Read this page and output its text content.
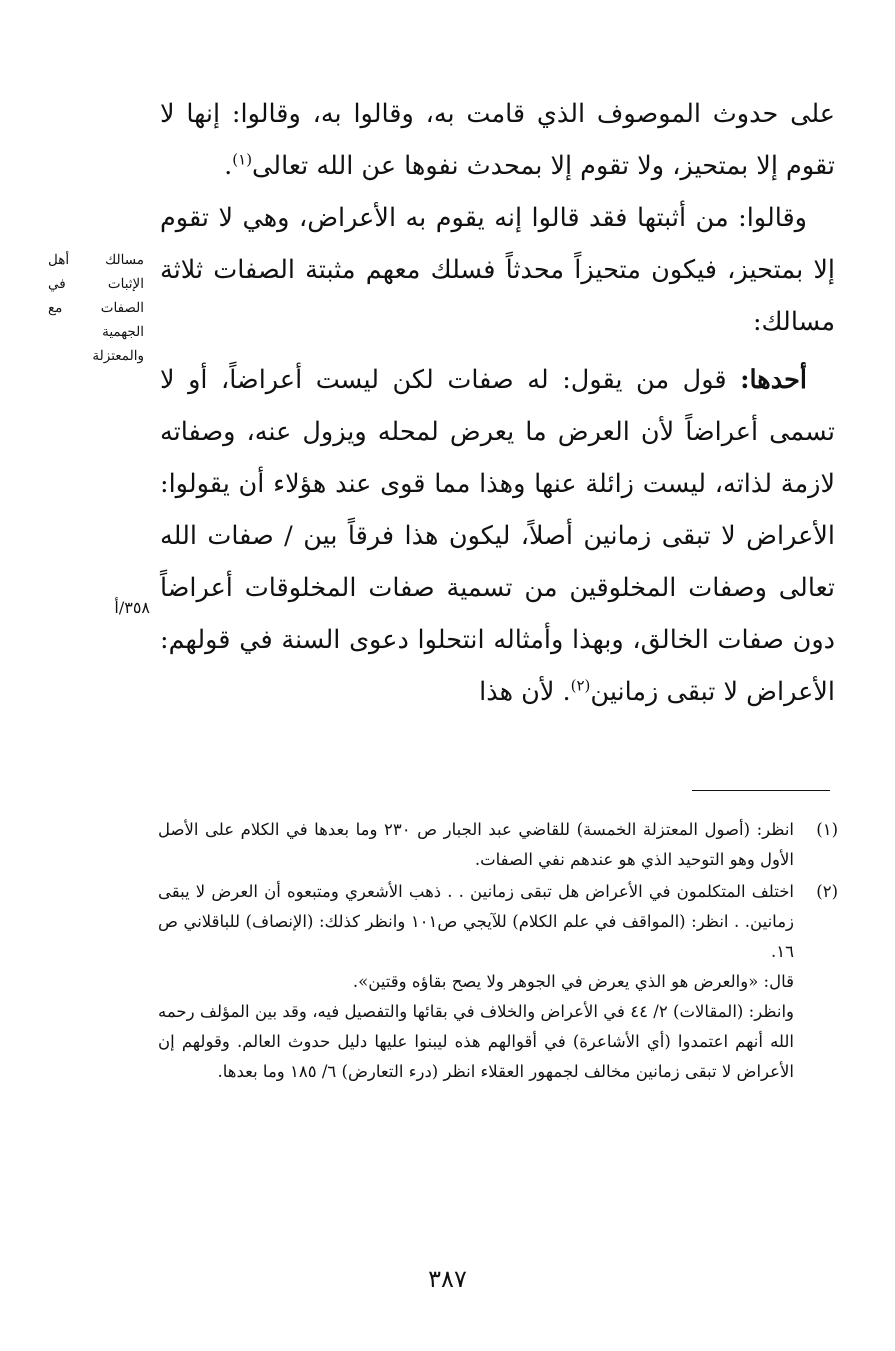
على حدوث الموصوف الذي قامت به، وقالوا به، وقالوا: إنها لا تقوم إلا بمتحيز، ولا تقوم إلا بمحدث نفوها عن الله تعالى$^{(١)}$.

وقالوا: من أثبتها فقد قالوا إنه يقوم به الأعراض، وهي لا تقوم إلا بمتحيز، فيكون متحيزاً محدثاً فسلك معهم مثبتة الصفات ثلاثة مسالك:

أحدها: قول من يقول: له صفات لكن ليست أعراضاً، أو لا تسمى أعراضاً لأن العرض ما يعرض لمحله ويزول عنه، وصفاته لازمة لذاته، ليست زائلة عنها وهذا مما قوى عند هؤلاء أن يقولوا: الأعراض لا تبقى زمانين أصلاً، ليكون هذا فرقاً بين / صفات الله تعالى وصفات المخلوقين من تسمية صفات المخلوقات أعراضاً دون صفات الخالق، وبهذا وأمثاله انتحلوا دعوى السنة في قولهم: الأعراض لا تبقى زمانين$^{(٢)}$. لأن هذا

مسالك أهل الإثبات في الصفات مع الجهمية والمعتزلة
٣٥٨/أ
(١)

انظر: (أصول المعتزلة الخمسة) للقاضي عبد الجبار ص ٢٣٠ وما بعدها في الكلام على الأصل الأول وهو التوحيد الذي هو عندهم نفي الصفات.

(٢)

اختلف المتكلمون في الأعراض هل تبقى زمانين . . ذهب الأشعري ومتبعوه أن العرض لا يبقى زمانين. . انظر: (المواقف في علم الكلام) للآيجي ص١٠١ وانظر كذلك: (الإنصاف) للباقلاني ص ١٦.

قال: «والعرض هو الذي يعرض في الجوهر ولا يصح بقاؤه وقتين».

وانظر: (المقالات) ٢/ ٤٤ في الأعراض والخلاف في بقائها والتفصيل فيه، وقد بين المؤلف رحمه الله أنهم اعتمدوا (أي الأشاعرة) في أقوالهم هذه ليبنوا عليها دليل حدوث العالم. وقولهم إن الأعراض لا تبقى زمانين مخالف لجمهور العقلاء انظر (درء التعارض) ٦/ ١٨٥ وما بعدها.

٣٨٧
